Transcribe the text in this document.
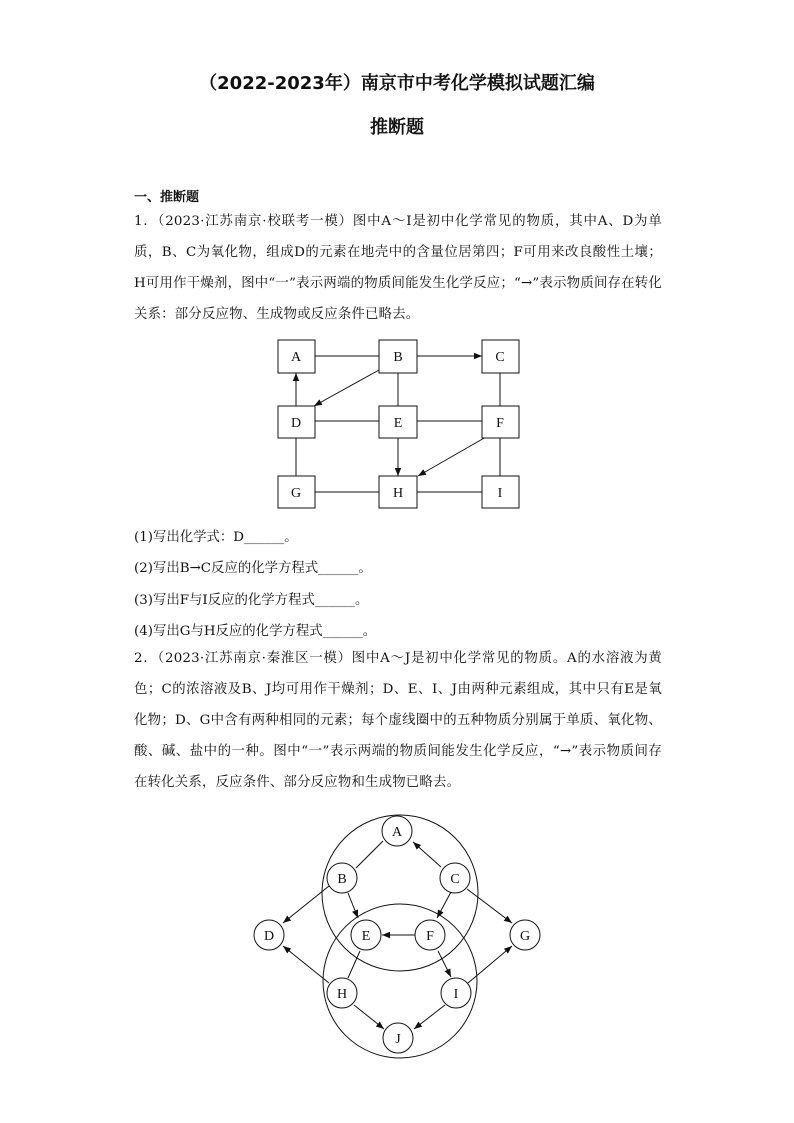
（2022-2023年）南京市中考化学模拟试题汇编
推断题
一、推断题
1．（2023·江苏南京·校联考一模）图中A～I是初中化学常见的物质，其中A、D为单质，B、C为氧化物，组成D的元素在地壳中的含量位居第四；F可用来改良酸性土壤；H可用作干燥剂，图中“一”表示两端的物质间能发生化学反应；“→”表示物质间存在转化关系：部分反应物、生成物或反应条件已略去。
A	B	C
D	E	F
G	H	I
(1)写出化学式：D______。
(2)写出B→C反应的化学方程式______。
(3)写出F与I反应的化学方程式______。
(4)写出G与H反应的化学方程式______。
2．（2023·江苏南京·秦淮区一模）图中A～J是初中化学常见的物质。A的水溶液为黄色；C的浓溶液及B、J均可用作干燥剂；D、E、I、J由两种元素组成，其中只有E是氧化物；D、G中含有两种相同的元素；每个虚线圈中的五种物质分别属于单质、氧化物、酸、碱、盐中的一种。图中“一”表示两端的物质间能发生化学反应，“→”表示物质间存在转化关系，反应条件、部分反应物和生成物已略去。
A
B	C
D	E	F	G
H	I
J
